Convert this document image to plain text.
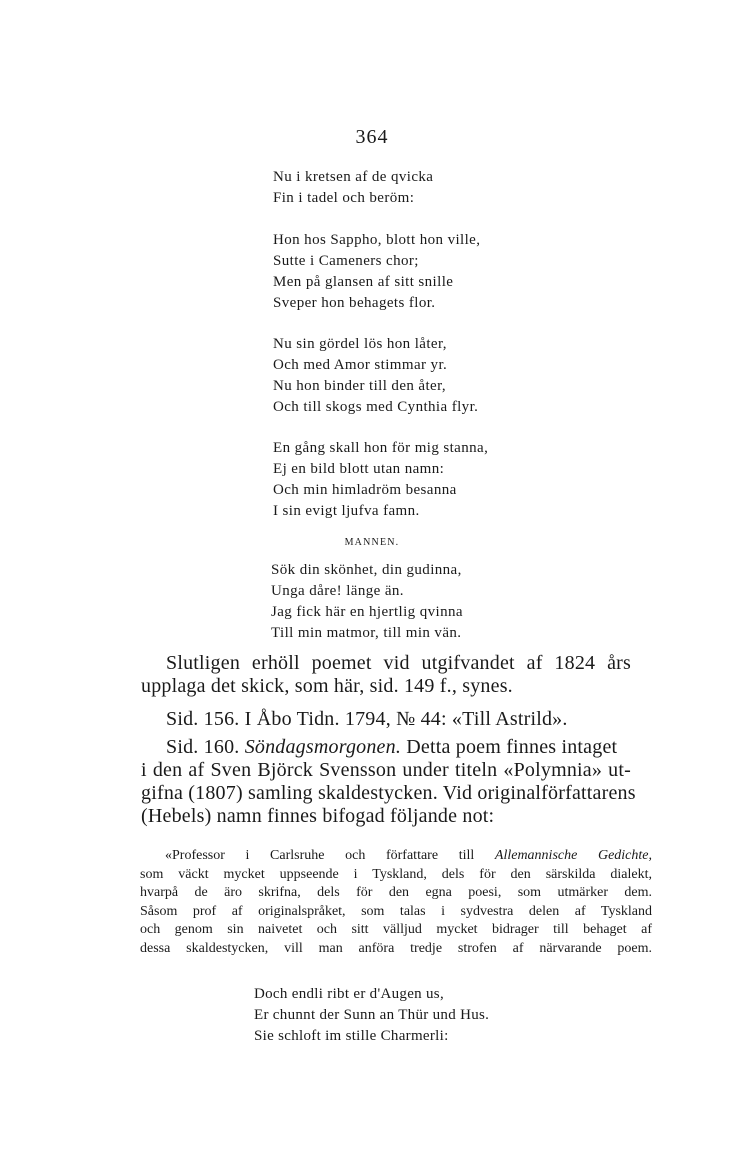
364
Nu i kretsen af de qvicka
Fin i tadel och beröm:
Hon hos Sappho, blott hon ville,
Sutte i Cameners chor;
Men på glansen af sitt snille
Sveper hon behagets flor.
Nu sin gördel lös hon låter,
Och med Amor stimmar yr.
Nu hon binder till den åter,
Och till skogs med Cynthia flyr.
En gång skall hon för mig stanna,
Ej en bild blott utan namn:
Och min himladröm besanna
I sin evigt ljufva famn.
MANNEN.
Sök din skönhet, din gudinna,
Unga dåre! länge än.
Jag fick här en hjertlig qvinna
Till min matmor, till min vän.
Slutligen erhöll poemet vid utgifvandet af 1824 års
upplaga det skick, som här, sid. 149 f., synes.
Sid. 156. I Åbo Tidn. 1794, № 44: «Till Astrild».
Sid. 160. Söndagsmorgonen. Detta poem finnes intaget
i den af Sven Björck Svensson under titeln «Polymnia» ut-
gifna (1807) samling skaldestycken. Vid originalförfattarens
(Hebels) namn finnes bifogad följande not:
«Professor i Carlsruhe och författare till Allemannische Gedichte,
som väckt mycket uppseende i Tyskland, dels för den särskilda dialekt,
hvarpå de äro skrifna, dels för den egna poesi, som utmärker dem.
Såsom prof af originalspråket, som talas i sydvestra delen af Tyskland
och genom sin naivetet och sitt välljud mycket bidrager till behaget af
dessa skaldestycken, vill man anföra tredje strofen af närvarande poem.
Doch endli ribt er d'Augen us,
Er chunnt der Sunn an Thür und Hus.
Sie schloft im stille Charmerli:
